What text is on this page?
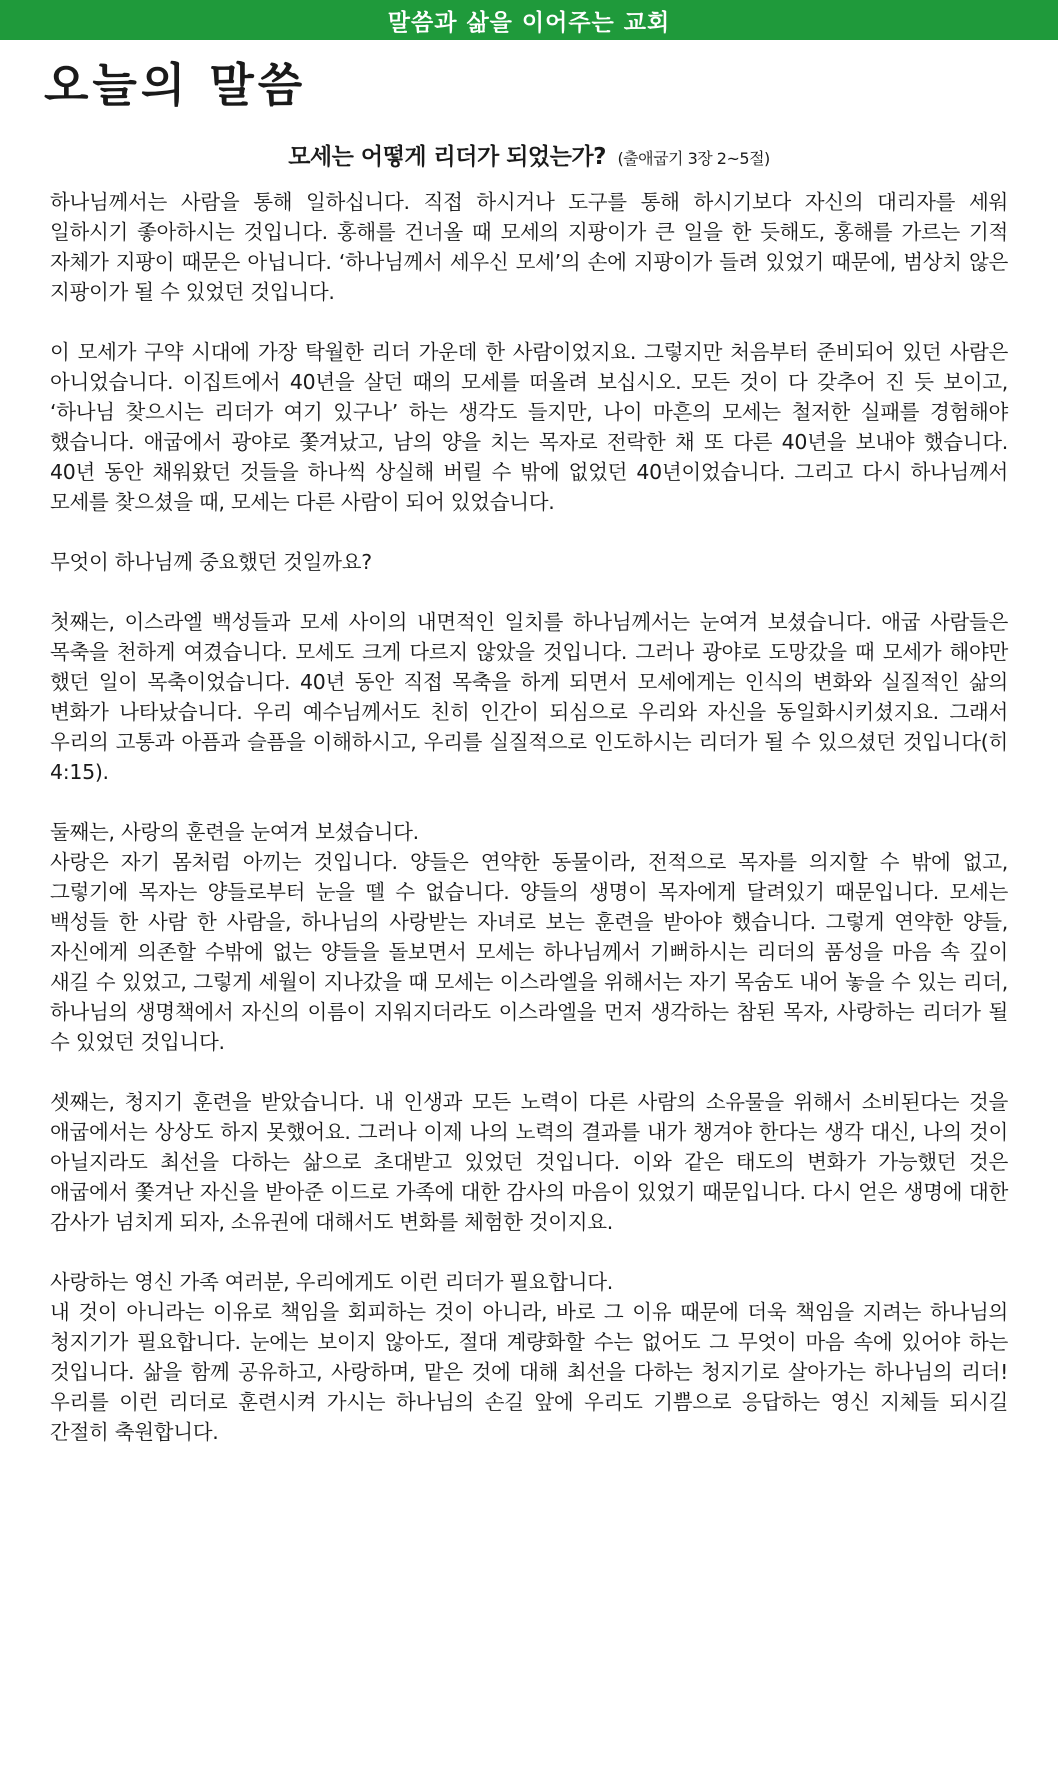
말씀과 삶을 이어주는 교회
오늘의 말씀
모세는 어떻게 리더가 되었는가? (출애굽기 3장 2~5절)

하나님께서는 사람을 통해 일하십니다. 직접 하시거나 도구를 통해 하시기보다 자신의 대리자를 세워 일하시기 좋아하시는 것입니다. 홍해를 건너올 때 모세의 지팡이가 큰 일을 한 듯해도, 홍해를 가르는 기적 자체가 지팡이 때문은 아닙니다. ‘하나님께서 세우신 모세’의 손에 지팡이가 들려 있었기 때문에, 범상치 않은 지팡이가 될 수 있었던 것입니다.

이 모세가 구약 시대에 가장 탁월한 리더 가운데 한 사람이었지요. 그렇지만 처음부터 준비되어 있던 사람은 아니었습니다. 이집트에서 40년을 살던 때의 모세를 떠올려 보십시오. 모든 것이 다 갖추어 진 듯 보이고, ‘하나님 찾으시는 리더가 여기 있구나’ 하는 생각도 들지만, 나이 마흔의 모세는 철저한 실패를 경험해야 했습니다. 애굽에서 광야로 쫓겨났고, 남의 양을 치는 목자로 전락한 채 또 다른 40년을 보내야 했습니다. 40년 동안 채워왔던 것들을 하나씩 상실해 버릴 수 밖에 없었던 40년이었습니다. 그리고 다시 하나님께서 모세를 찾으셨을 때, 모세는 다른 사람이 되어 있었습니다.

무엇이 하나님께 중요했던 것일까요?

첫째는, 이스라엘 백성들과 모세 사이의 내면적인 일치를 하나님께서는 눈여겨 보셨습니다. 애굽 사람들은 목축을 천하게 여겼습니다. 모세도 크게 다르지 않았을 것입니다. 그러나 광야로 도망갔을 때 모세가 해야만 했던 일이 목축이었습니다. 40년 동안 직접 목축을 하게 되면서 모세에게는 인식의 변화와 실질적인 삶의 변화가 나타났습니다. 우리 예수님께서도 친히 인간이 되심으로 우리와 자신을 동일화시키셨지요. 그래서 우리의 고통과 아픔과 슬픔을 이해하시고, 우리를 실질적으로 인도하시는 리더가 될 수 있으셨던 것입니다(히 4:15).

둘째는, 사랑의 훈련을 눈여겨 보셨습니다.

사랑은 자기 몸처럼 아끼는 것입니다. 양들은 연약한 동물이라, 전적으로 목자를 의지할 수 밖에 없고, 그렇기에 목자는 양들로부터 눈을 뗄 수 없습니다. 양들의 생명이 목자에게 달려있기 때문입니다. 모세는 백성들 한 사람 한 사람을, 하나님의 사랑받는 자녀로 보는 훈련을 받아야 했습니다. 그렇게 연약한 양들, 자신에게 의존할 수밖에 없는 양들을 돌보면서 모세는 하나님께서 기뻐하시는 리더의 품성을 마음 속 깊이 새길 수 있었고, 그렇게 세월이 지나갔을 때 모세는 이스라엘을 위해서는 자기 목숨도 내어 놓을 수 있는 리더, 하나님의 생명책에서 자신의 이름이 지워지더라도 이스라엘을 먼저 생각하는 참된 목자, 사랑하는 리더가 될 수 있었던 것입니다.

셋째는, 청지기 훈련을 받았습니다. 내 인생과 모든 노력이 다른 사람의 소유물을 위해서 소비된다는 것을 애굽에서는 상상도 하지 못했어요. 그러나 이제 나의 노력의 결과를 내가 챙겨야 한다는 생각 대신, 나의 것이 아닐지라도 최선을 다하는 삶으로 초대받고 있었던 것입니다. 이와 같은 태도의 변화가 가능했던 것은 애굽에서 쫓겨난 자신을 받아준 이드로 가족에 대한 감사의 마음이 있었기 때문입니다. 다시 얻은 생명에 대한 감사가 넘치게 되자, 소유권에 대해서도 변화를 체험한 것이지요.

사랑하는 영신 가족 여러분, 우리에게도 이런 리더가 필요합니다.

내 것이 아니라는 이유로 책임을 회피하는 것이 아니라, 바로 그 이유 때문에 더욱 책임을 지려는 하나님의 청지기가 필요합니다. 눈에는 보이지 않아도, 절대 계량화할 수는 없어도 그 무엇이 마음 속에 있어야 하는 것입니다. 삶을 함께 공유하고, 사랑하며, 맡은 것에 대해 최선을 다하는 청지기로 살아가는 하나님의 리더! 우리를 이런 리더로 훈련시켜 가시는 하나님의 손길 앞에 우리도 기쁨으로 응답하는 영신 지체들 되시길 간절히 축원합니다.
